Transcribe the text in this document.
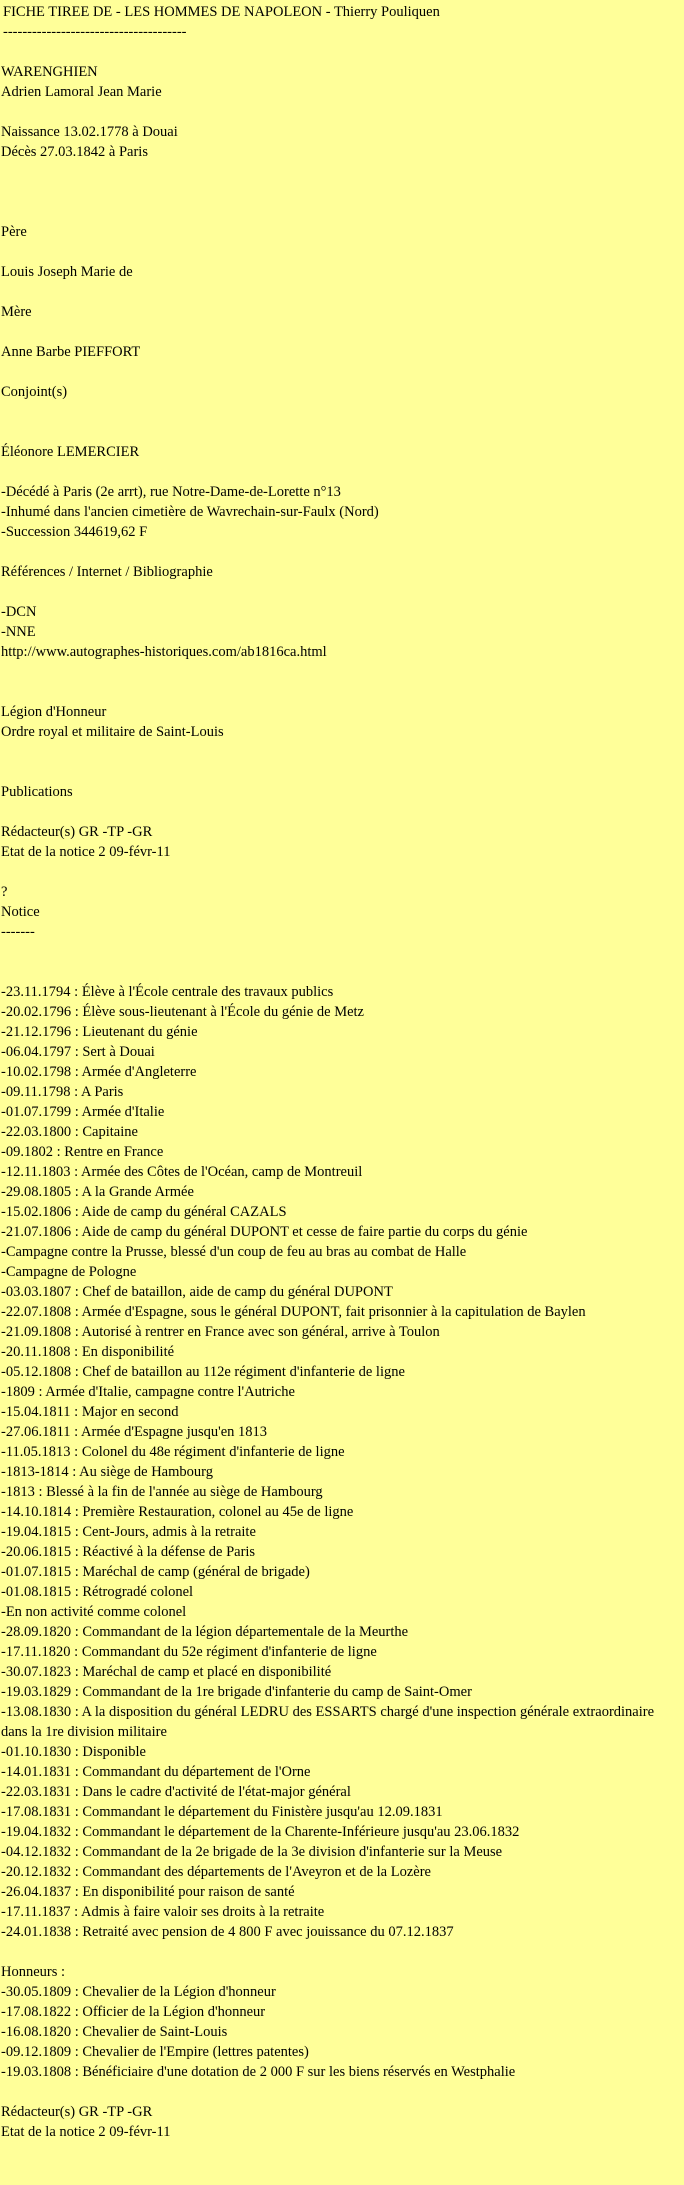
FICHE TIREE DE - LES HOMMES DE NAPOLEON - Thierry Pouliquen
--------------------------------------
WARENGHIEN
Adrien Lamoral Jean Marie
Naissance 13.02.1778 à Douai
Décès 27.03.1842 à Paris
Père
Louis Joseph Marie de
Mère
Anne Barbe PIEFFORT
Conjoint(s)
Éléonore LEMERCIER
-Décédé à Paris (2e arrt), rue Notre-Dame-de-Lorette n°13
-Inhumé dans l'ancien cimetière de Wavrechain-sur-Faulx (Nord)
-Succession 344619,62 F
Références / Internet / Bibliographie
-DCN
-NNE
http://www.autographes-historiques.com/ab1816ca.html
Légion d'Honneur
Ordre royal et militaire de Saint-Louis
Publications
Rédacteur(s) GR -TP -GR
Etat de la notice 2 09-févr-11
?
Notice
-------
-23.11.1794 : Élève à l'École centrale des travaux publics
-20.02.1796 : Élève sous-lieutenant à l'École du génie de Metz
-21.12.1796 : Lieutenant du génie
-06.04.1797 : Sert à Douai
-10.02.1798 : Armée d'Angleterre
-09.11.1798 : A Paris
-01.07.1799 : Armée d'Italie
-22.03.1800 : Capitaine
-09.1802 : Rentre en France
-12.11.1803 : Armée des Côtes de l'Océan, camp de Montreuil
-29.08.1805 : A la Grande Armée
-15.02.1806 : Aide de camp du général CAZALS
-21.07.1806 : Aide de camp du général DUPONT et cesse de faire partie du corps du génie
-Campagne contre la Prusse, blessé d'un coup de feu au bras au combat de Halle
-Campagne de Pologne
-03.03.1807 : Chef de bataillon, aide de camp du général DUPONT
-22.07.1808 : Armée d'Espagne, sous le général DUPONT, fait prisonnier à la capitulation de Baylen
-21.09.1808 : Autorisé à rentrer en France avec son général, arrive à Toulon
-20.11.1808 : En disponibilité
-05.12.1808 : Chef de bataillon au 112e régiment d'infanterie de ligne
-1809 : Armée d'Italie, campagne contre l'Autriche
-15.04.1811 : Major en second
-27.06.1811 : Armée d'Espagne jusqu'en 1813
-11.05.1813 : Colonel du 48e régiment d'infanterie de ligne
-1813-1814 : Au siège de Hambourg
-1813 : Blessé à la fin de l'année au siège de Hambourg
-14.10.1814 : Première Restauration, colonel au 45e de ligne
-19.04.1815 : Cent-Jours, admis à la retraite
-20.06.1815 : Réactivé à la défense de Paris
-01.07.1815 : Maréchal de camp (général de brigade)
-01.08.1815 : Rétrogradé colonel
-En non activité comme colonel
-28.09.1820 : Commandant de la légion départementale de la Meurthe
-17.11.1820 : Commandant du 52e régiment d'infanterie de ligne
-30.07.1823 : Maréchal de camp et placé en disponibilité
-19.03.1829 : Commandant de la 1re brigade d'infanterie du camp de Saint-Omer
-13.08.1830 : A la disposition du général LEDRU des ESSARTS chargé d'une inspection générale extraordinaire dans la 1re division militaire
-01.10.1830 : Disponible
-14.01.1831 : Commandant du département de l'Orne
-22.03.1831 : Dans le cadre d'activité de l'état-major général
-17.08.1831 : Commandant le département du Finistère jusqu'au 12.09.1831
-19.04.1832 : Commandant le département de la Charente-Inférieure jusqu'au 23.06.1832
-04.12.1832 : Commandant de la 2e brigade de la 3e division d'infanterie sur la Meuse
-20.12.1832 : Commandant des départements de l'Aveyron et de la Lozère
-26.04.1837 : En disponibilité pour raison de santé
-17.11.1837 : Admis à faire valoir ses droits à la retraite
-24.01.1838 : Retraité avec pension de 4 800 F avec jouissance du 07.12.1837
Honneurs :
-30.05.1809 : Chevalier de la Légion d'honneur
-17.08.1822 : Officier de la Légion d'honneur
-16.08.1820 : Chevalier de Saint-Louis
-09.12.1809 : Chevalier de l'Empire (lettres patentes)
-19.03.1808 : Bénéficiaire d'une dotation de 2 000 F sur les biens réservés en Westphalie
Rédacteur(s) GR -TP -GR
Etat de la notice 2 09-févr-11
